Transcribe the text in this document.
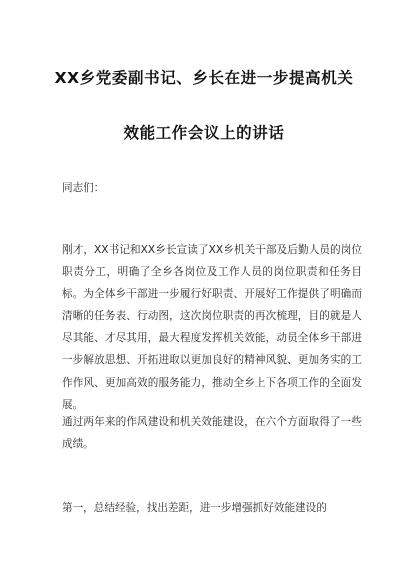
XX乡党委副书记、乡长在进一步提高机关
效能工作会议上的讲话

同志们：

刚才，XX书记和XX乡长宣读了XX乡机关干部及后勤人员的岗位职责分工，明确了全乡各岗位及工作人员的岗位职责和任务目标。为全体乡干部进一步履行好职责、开展好工作提供了明确而清晰的任务表、行动图，这次岗位职责的再次梳理，目的就是人尽其能、才尽其用，最大程度发挥机关效能，动员全体乡干部进一步解放思想、开拓进取以更加良好的精神风貌、更加务实的工作作风、更加高效的服务能力，推动全乡上下各项工作的全面发展。

通过两年来的作风建设和机关效能建设，在六个方面取得了一些成绩。

第一，总结经验，找出差距，进一步增强抓好效能建设的
